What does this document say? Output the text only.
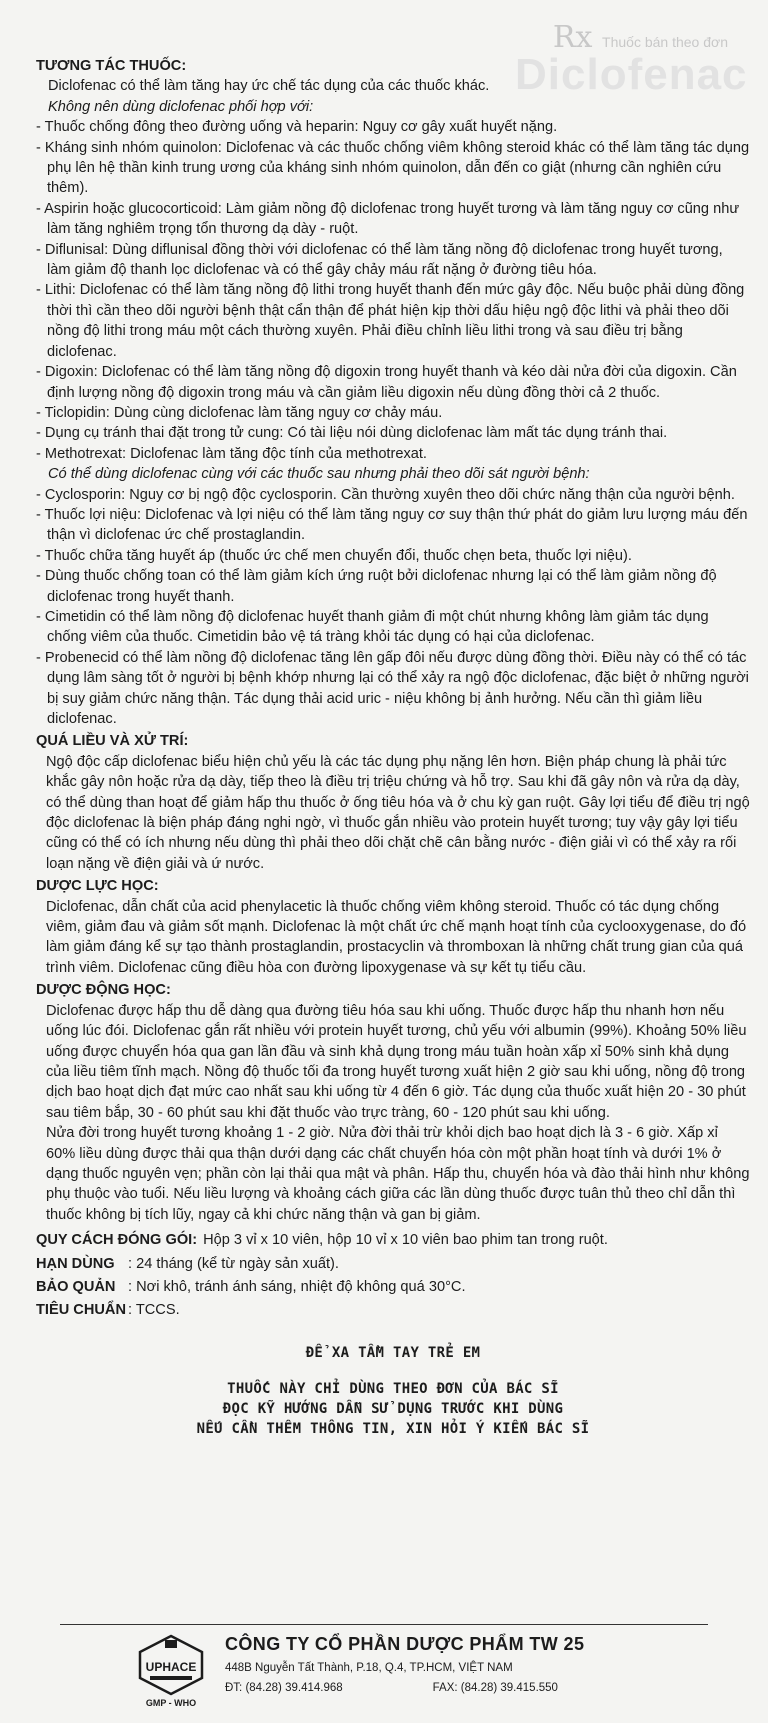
Rx Thuốc bán theo đơn
Diclofenac

TƯƠNG TÁC THUỐC:

Diclofenac có thể làm tăng hay ức chế tác dụng của các thuốc khác.

Không nên dùng diclofenac phối hợp với:

- Thuốc chống đông theo đường uống và heparin: Nguy cơ gây xuất huyết nặng.

- Kháng sinh nhóm quinolon: Diclofenac và các thuốc chống viêm không steroid khác có thể làm tăng tác dụng phụ lên hệ thần kinh trung ương của kháng sinh nhóm quinolon, dẫn đến co giật (nhưng cần nghiên cứu thêm).

- Aspirin hoặc glucocorticoid: Làm giảm nồng độ diclofenac trong huyết tương và làm tăng nguy cơ cũng như làm tăng nghiêm trọng tổn thương dạ dày - ruột.

- Diflunisal: Dùng diflunisal đồng thời với diclofenac có thể làm tăng nồng độ diclofenac trong huyết tương, làm giảm độ thanh lọc diclofenac và có thể gây chảy máu rất nặng ở đường tiêu hóa.

- Lithi: Diclofenac có thể làm tăng nồng độ lithi trong huyết thanh đến mức gây độc. Nếu buộc phải dùng đồng thời thì cần theo dõi người bệnh thật cẩn thận để phát hiện kịp thời dấu hiệu ngộ độc lithi và phải theo dõi nồng độ lithi trong máu một cách thường xuyên. Phải điều chỉnh liều lithi trong và sau điều trị bằng diclofenac.

- Digoxin: Diclofenac có thể làm tăng nồng độ digoxin trong huyết thanh và kéo dài nửa đời của digoxin. Cần định lượng nồng độ digoxin trong máu và cần giảm liều digoxin nếu dùng đồng thời cả 2 thuốc.

- Ticlopidin: Dùng cùng diclofenac làm tăng nguy cơ chảy máu.

- Dụng cụ tránh thai đặt trong tử cung: Có tài liệu nói dùng diclofenac làm mất tác dụng tránh thai.

- Methotrexat: Diclofenac làm tăng độc tính của methotrexat.

Có thể dùng diclofenac cùng với các thuốc sau nhưng phải theo dõi sát người bệnh:

- Cyclosporin: Nguy cơ bị ngộ độc cyclosporin. Cần thường xuyên theo dõi chức năng thận của người bệnh.

- Thuốc lợi niệu: Diclofenac và lợi niệu có thể làm tăng nguy cơ suy thận thứ phát do giảm lưu lượng máu đến thận vì diclofenac ức chế prostaglandin.

- Thuốc chữa tăng huyết áp (thuốc ức chế men chuyển đổi, thuốc chẹn beta, thuốc lợi niệu).

- Dùng thuốc chống toan có thể làm giảm kích ứng ruột bởi diclofenac nhưng lại có thể làm giảm nồng độ diclofenac trong huyết thanh.

- Cimetidin có thể làm nồng độ diclofenac huyết thanh giảm đi một chút nhưng không làm giảm tác dụng chống viêm của thuốc. Cimetidin bảo vệ tá tràng khỏi tác dụng có hại của diclofenac.

- Probenecid có thể làm nồng độ diclofenac tăng lên gấp đôi nếu được dùng đồng thời. Điều này có thể có tác dụng lâm sàng tốt ở người bị bệnh khớp nhưng lại có thể xảy ra ngộ độc diclofenac, đặc biệt ở những người bị suy giảm chức năng thận. Tác dụng thải acid uric - niệu không bị ảnh hưởng. Nếu cần thì giảm liều diclofenac.

QUÁ LIỀU VÀ XỬ TRÍ:

Ngộ độc cấp diclofenac biểu hiện chủ yếu là các tác dụng phụ nặng lên hơn. Biện pháp chung là phải tức khắc gây nôn hoặc rửa dạ dày, tiếp theo là điều trị triệu chứng và hỗ trợ. Sau khi đã gây nôn và rửa dạ dày, có thể dùng than hoạt để giảm hấp thu thuốc ở ống tiêu hóa và ở chu kỳ gan ruột. Gây lợi tiểu để điều trị ngộ độc diclofenac là biện pháp đáng nghi ngờ, vì thuốc gắn nhiều vào protein huyết tương; tuy vậy gây lợi tiểu cũng có thể có ích nhưng nếu dùng thì phải theo dõi chặt chẽ cân bằng nước - điện giải vì có thể xảy ra rối loạn nặng về điện giải và ứ nước.

DƯỢC LỰC HỌC:

Diclofenac, dẫn chất của acid phenylacetic là thuốc chống viêm không steroid. Thuốc có tác dụng chống viêm, giảm đau và giảm sốt mạnh. Diclofenac là một chất ức chế mạnh hoạt tính của cyclooxygenase, do đó làm giảm đáng kể sự tạo thành prostaglandin, prostacyclin và thromboxan là những chất trung gian của quá trình viêm. Diclofenac cũng điều hòa con đường lipoxygenase và sự kết tụ tiểu cầu.

DƯỢC ĐỘNG HỌC:

Diclofenac được hấp thu dễ dàng qua đường tiêu hóa sau khi uống. Thuốc được hấp thu nhanh hơn nếu uống lúc đói. Diclofenac gắn rất nhiều với protein huyết tương, chủ yếu với albumin (99%). Khoảng 50% liều uống được chuyển hóa qua gan lần đầu và sinh khả dụng trong máu tuần hoàn xấp xỉ 50% sinh khả dụng của liều tiêm tĩnh mạch. Nồng độ thuốc tối đa trong huyết tương xuất hiện 2 giờ sau khi uống, nồng độ trong dịch bao hoạt dịch đạt mức cao nhất sau khi uống từ 4 đến 6 giờ. Tác dụng của thuốc xuất hiện 20 - 30 phút sau tiêm bắp, 30 - 60 phút sau khi đặt thuốc vào trực tràng, 60 - 120 phút sau khi uống.

Nửa đời trong huyết tương khoảng 1 - 2 giờ. Nửa đời thải trừ khỏi dịch bao hoạt dịch là 3 - 6 giờ. Xấp xỉ 60% liều dùng được thải qua thận dưới dạng các chất chuyển hóa còn một phần hoạt tính và dưới 1% ở dạng thuốc nguyên vẹn; phần còn lại thải qua mật và phân. Hấp thu, chuyển hóa và đào thải hình như không phụ thuộc vào tuổi. Nếu liều lượng và khoảng cách giữa các lần dùng thuốc được tuân thủ theo chỉ dẫn thì thuốc không bị tích lũy, ngay cả khi chức năng thận và gan bị giảm.

QUY CÁCH ĐÓNG GÓI: Hộp 3 vỉ x 10 viên, hộp 10 vỉ x 10 viên bao phim tan trong ruột.
HẠN DÙNG : 24 tháng (kể từ ngày sản xuất).
BẢO QUẢN : Nơi khô, tránh ánh sáng, nhiệt độ không quá 30°C.
TIÊU CHUẨN : TCCS.
ĐỂ XA TẦM TAY TRẺ EM
THUỐC NÀY CHỈ DÙNG THEO ĐƠN CỦA BÁC SĨ
ĐỌC KỸ HƯỚNG DẪN SỬ DỤNG TRƯỚC KHI DÙNG
NẾU CẦN THÊM THÔNG TIN, XIN HỎI Ý KIẾN BÁC SĨ
UPHACE
GMP - WHO
CÔNG TY CỔ PHẦN DƯỢC PHẨM TW 25
448B Nguyễn Tất Thành, P.18, Q.4, TP.HCM, VIỆT NAM
ĐT: (84.28) 39.414.968	FAX: (84.28) 39.415.550
